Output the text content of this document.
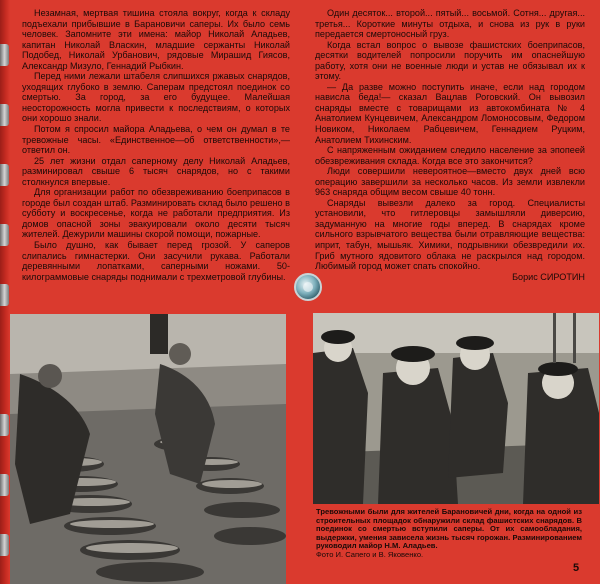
Незамная, мертвая тишина стояла вокруг, когда к складу подъехали прибывшие в Барановичи саперы. Их было семь человек. Запомните эти имена: майор Николай Аладьев, капитан Николай Власкин, младшие сержанты Николай Подобед, Николай Урбанович, рядовые Мирашид Гиясов, Александр Мизуло, Геннадий Рыбкин.

Перед ними лежали штабеля слипшихся ржавых снарядов, уходящих глубоко в землю. Саперам предстоял поединок со смертью. За город, за его будущее. Малейшая неосторожность могла привести к последствиям, о которых они хорошо знали.

Потом я спросил майора Аладьева, о чем он думал в те тревожные часы. «Единственное—об ответственности»,—ответил он.

25 лет жизни отдал саперному делу Николай Аладьев, разминировал свыше 6 тысяч снарядов, но с такими столкнулся впервые.

Для организации работ по обезвреживанию боеприпасов в городе был создан штаб. Разминировать склад было решено в субботу и воскресенье, когда не работали предприятия. Из домов опасной зоны эвакуировали около десяти тысяч жителей. Дежурили машины скорой помощи, пожарные.

Было душно, как бывает перед грозой. У саперов слипались гимнастерки. Они засучили рукава. Работали деревянными лопатками, саперными ножами. 50-килограммовые снаряды поднимали с трехметровой глубины.

Один десяток... второй... пятый... восьмой. Сотня... другая... третья... Короткие минуты отдыха, и снова из рук в руки передается смертоносный груз.

Когда встал вопрос о вывозе фашистских боеприпасов, десятки водителей попросили поручить им опаснейшую работу, хотя они не военные люди и устав не обязывал их к этому.

— Да разве можно поступить иначе, если над городом нависла беда!— сказал Вацлав Роговский. Он вывозил снаряды вместе с товарищами из автокомбината № 4 Анатолием Кунцевичем, Александром Ломоносовым, Федором Новиком, Николаем Рабцевичем, Геннадием Руцким, Анатолием Тихинским.

С напряженным ожиданием следило население за эпопеей обезвреживания склада. Когда все это закончится?

Люди совершили невероятное—вместо двух дней всю операцию завершили за несколько часов. Из земли извлекли 963 снаряда общим весом свыше 40 тонн.

Снаряды вывезли далеко за город. Специалисты установили, что гитлеровцы замышляли диверсию, задуманную на многие годы вперед. В снарядах кроме сильного взрывчатого вещества были отравляющие вещества: иприт, табун, мышьяк. Химики, подрывники обезвредили их. Гриб мутного ядовитого облака не раскрылся над городом. Любимый город может спать спокойно.

Борис СИРОТИН

Тревожными были для жителей Барановичей дни, когда на одной из строительных площадок обнаружили склад фашистских снарядов. В поединок со смертью вступили саперы. От их самообладания, выдержки, умения зависела жизнь тысяч горожан. Разминированием руководил майор Н.М. Аладьев.
Фото И. Сапего и В. Яковенко.
5
